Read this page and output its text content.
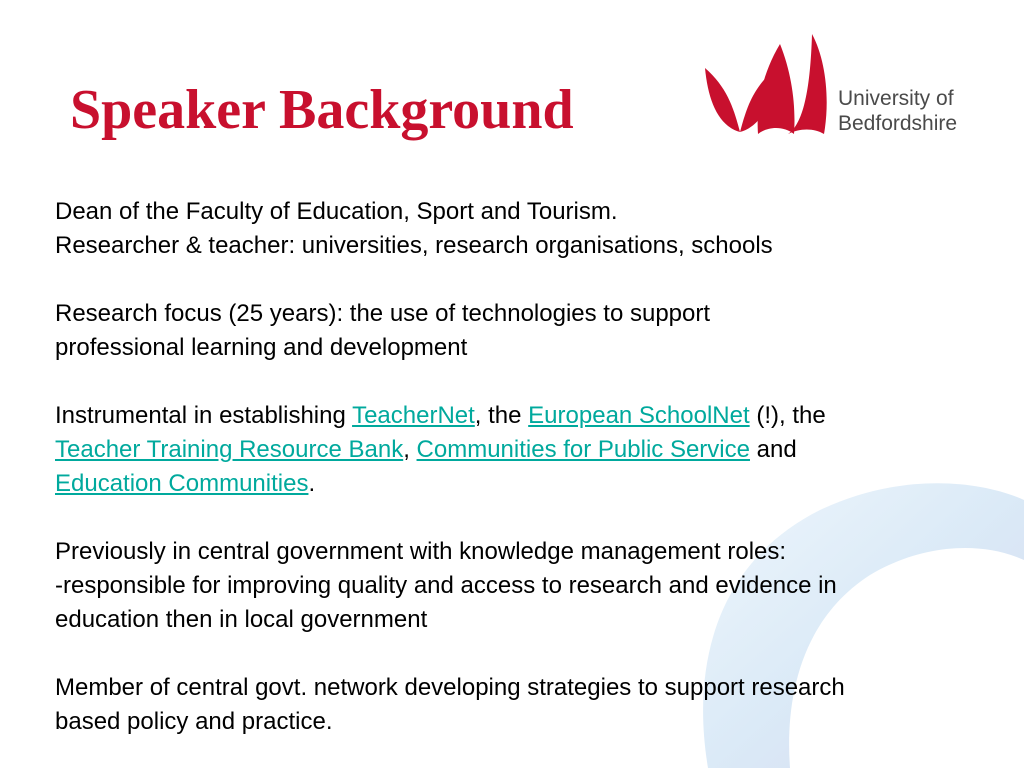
Speaker Background	University of
Bedfordshire
Dean of the Faculty of Education, Sport and Tourism.
Researcher & teacher: universities, research organisations, schools
Research focus (25 years): the use of technologies to support
professional learning and development
Instrumental in establishing TeacherNet, the European SchoolNet (!), the
Teacher Training Resource Bank, Communities for Public Service and
Education Communities.
Previously in central government with knowledge management roles:
-responsible for improving quality and access to research and evidence in
education then in local government
Member of central govt. network developing strategies to support research
based policy and practice.
